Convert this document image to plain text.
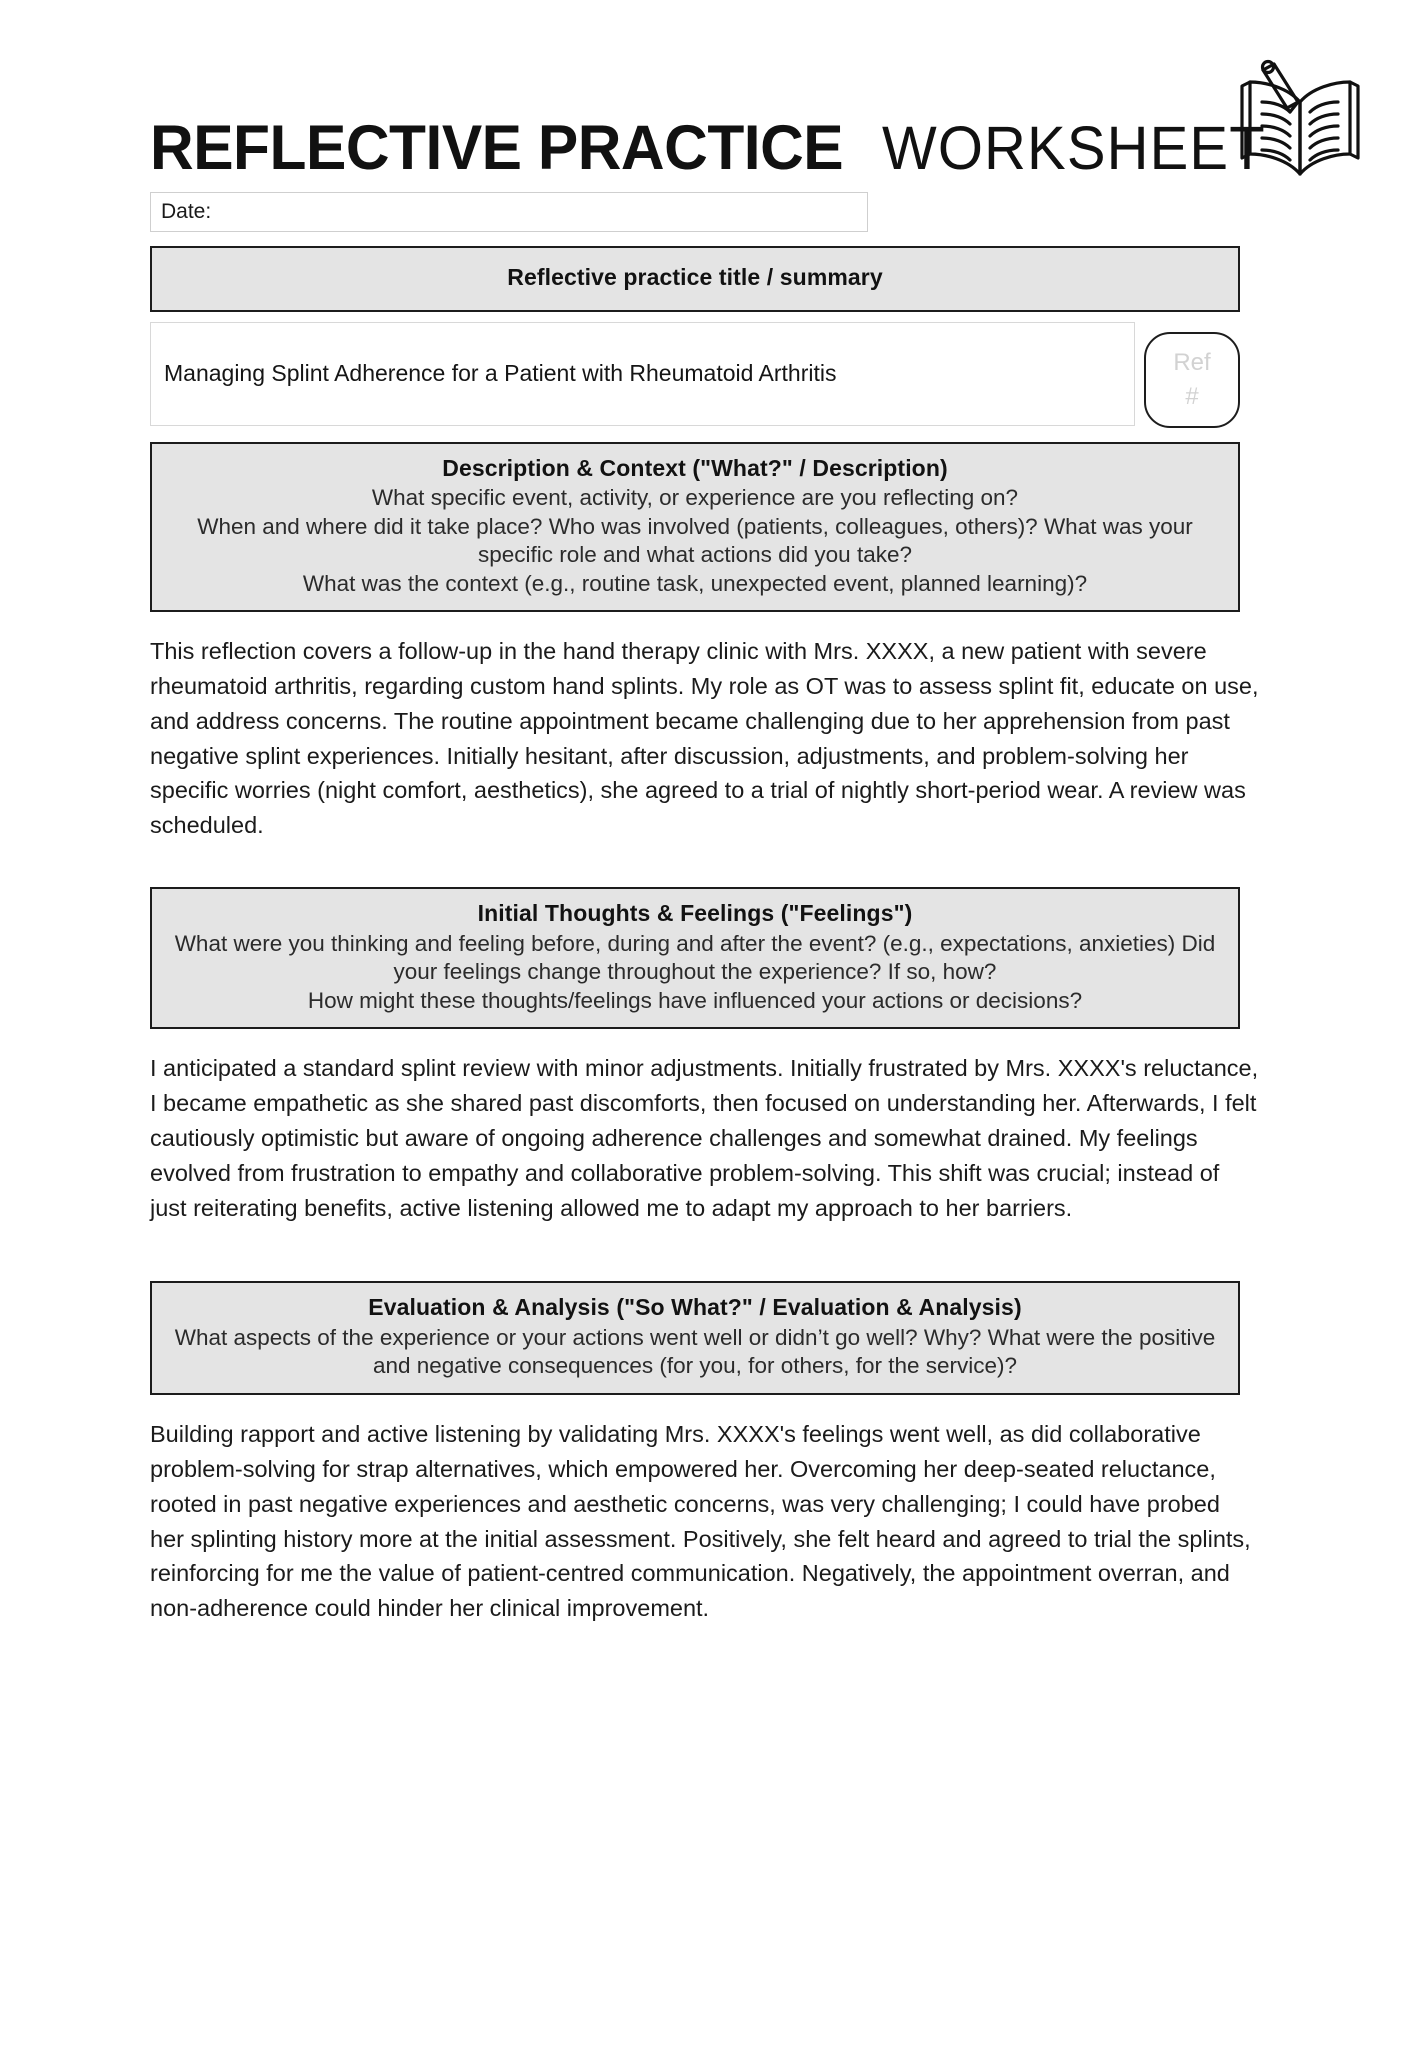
REFLECTIVE PRACTICE WORKSHEET
Date:
Reflective practice title / summary
Managing Splint Adherence for a Patient with Rheumatoid Arthritis	Ref
#
Description & Context ("What?" / Description)
What specific event, activity, or experience are you reflecting on?
When and where did it take place? Who was involved (patients, colleagues, others)? What was your specific role and what actions did you take?
What was the context (e.g., routine task, unexpected event, planned learning)?
This reflection covers a follow-up in the hand therapy clinic with Mrs. XXXX, a new patient with severe rheumatoid arthritis, regarding custom hand splints. My role as OT was to assess splint fit, educate on use, and address concerns. The routine appointment became challenging due to her apprehension from past negative splint experiences. Initially hesitant, after discussion, adjustments, and problem-solving her specific worries (night comfort, aesthetics), she agreed to a trial of nightly short-period wear. A review was scheduled.
Initial Thoughts & Feelings ("Feelings")
What were you thinking and feeling before, during and after the event? (e.g., expectations, anxieties) Did your feelings change throughout the experience? If so, how?
How might these thoughts/feelings have influenced your actions or decisions?
I anticipated a standard splint review with minor adjustments. Initially frustrated by Mrs. XXXX's reluctance, I became empathetic as she shared past discomforts, then focused on understanding her. Afterwards, I felt cautiously optimistic but aware of ongoing adherence challenges and somewhat drained. My feelings evolved from frustration to empathy and collaborative problem-solving. This shift was crucial; instead of just reiterating benefits, active listening allowed me to adapt my approach to her barriers.
Evaluation & Analysis ("So What?" / Evaluation & Analysis)
What aspects of the experience or your actions went well or didn’t go well? Why? What were the positive and negative consequences (for you, for others, for the service)?
Building rapport and active listening by validating Mrs. XXXX's feelings went well, as did collaborative problem-solving for strap alternatives, which empowered her. Overcoming her deep-seated reluctance, rooted in past negative experiences and aesthetic concerns, was very challenging; I could have probed her splinting history more at the initial assessment. Positively, she felt heard and agreed to trial the splints, reinforcing for me the value of patient-centred communication. Negatively, the appointment overran, and non-adherence could hinder her clinical improvement.
